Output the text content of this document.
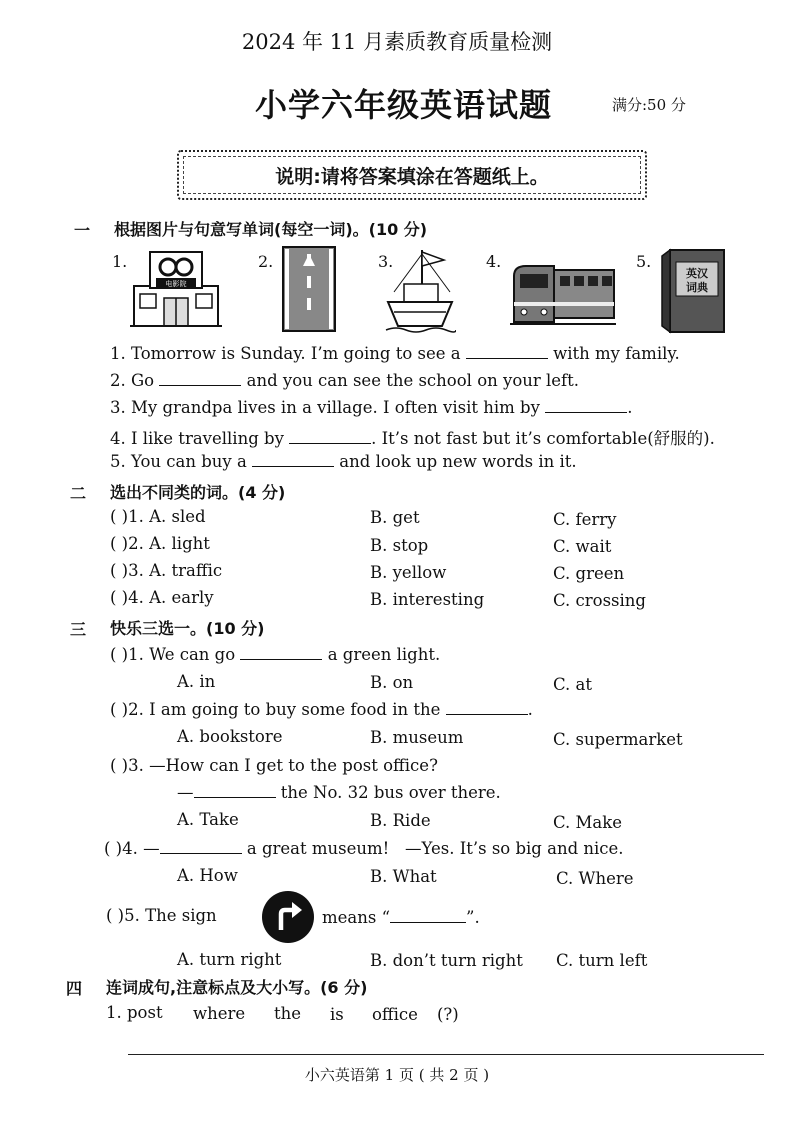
2024 年 11 月素质教育质量检测
小学六年级英语试题	满分:50 分
说明:请将答案填涂在答题纸上。
一 根据图片与句意写单词(每空一词)。(10 分)
1.
电影院
2.	3.	4.	5.
英汉
词典
1. Tomorrow is Sunday. I’m going to see a	with my family.
2. Go	and you can see the school on your left.
3. My grandpa lives in a village. I often visit him by	.
4. I like travelling by	. It’s not fast but it’s comfortable(舒服的).
5. You can buy a	and look up new words in it.
二 选出不同类的词。(4 分)
( )1. A. sled	B. get	C. ferry
( )2. A. light	B. stop	C. wait
( )3. A. traffic	B. yellow	C. green
( )4. A. early	B. interesting	C. crossing
三 快乐三选一。(10 分)
( )1. We can go	a green light.
A. in	B. on	C. at
( )2. I am going to buy some food in the	.
A. bookstore	B. museum	C. supermarket
( )3. —How can I get to the post office?
—	the No. 32 bus over there.
A. Take	B. Ride	C. Make
( )4. —	a great museum! —Yes. It’s so big and nice.
A. How	B. What	C. Where
( )5. The sign	means “	”.
A. turn right	B. don’t turn right C. turn left
四 连词成句,注意标点及大小写。(6 分)
1. post where the is office (?)
小六英语第 1 页 ( 共 2 页 )
